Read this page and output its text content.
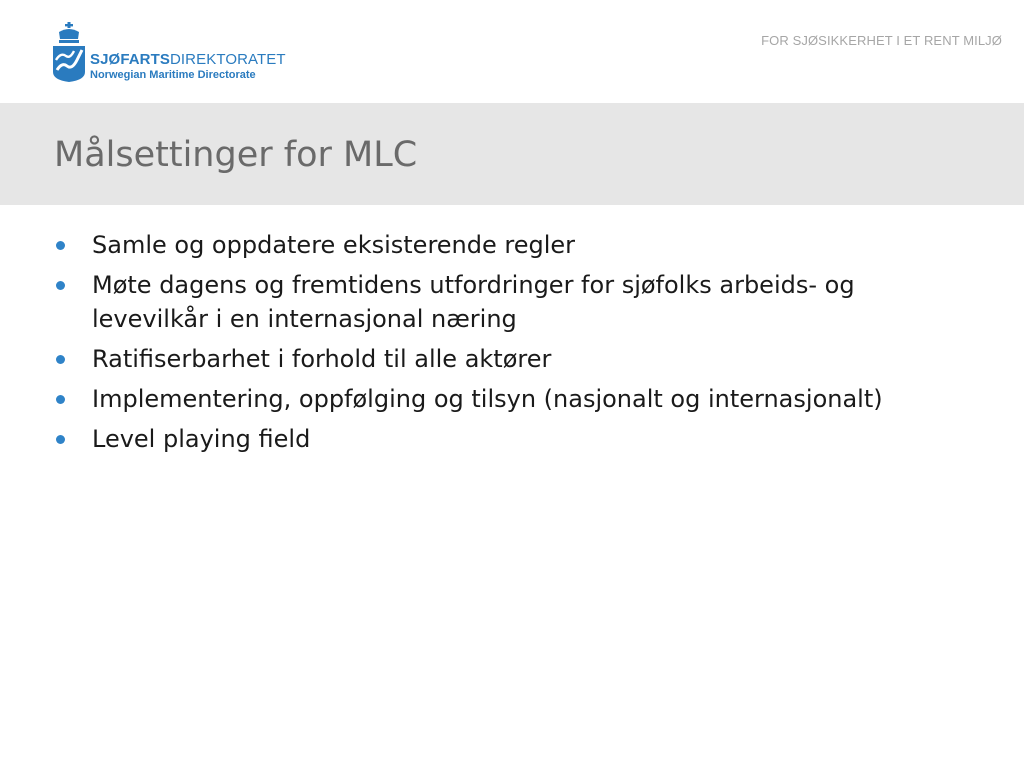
SJØFARTSDIREKTORATET
Norwegian Maritime Directorate
FOR SJØSIKKERHET I ET RENT MILJØ
Målsettinger for MLC
Samle og oppdatere eksisterende regler
Møte dagens og fremtidens utfordringer for sjøfolks arbeids- og levevilkår i en internasjonal næring
Ratifiserbarhet i forhold til alle aktører
Implementering, oppfølging og tilsyn (nasjonalt og internasjonalt)
Level playing field
